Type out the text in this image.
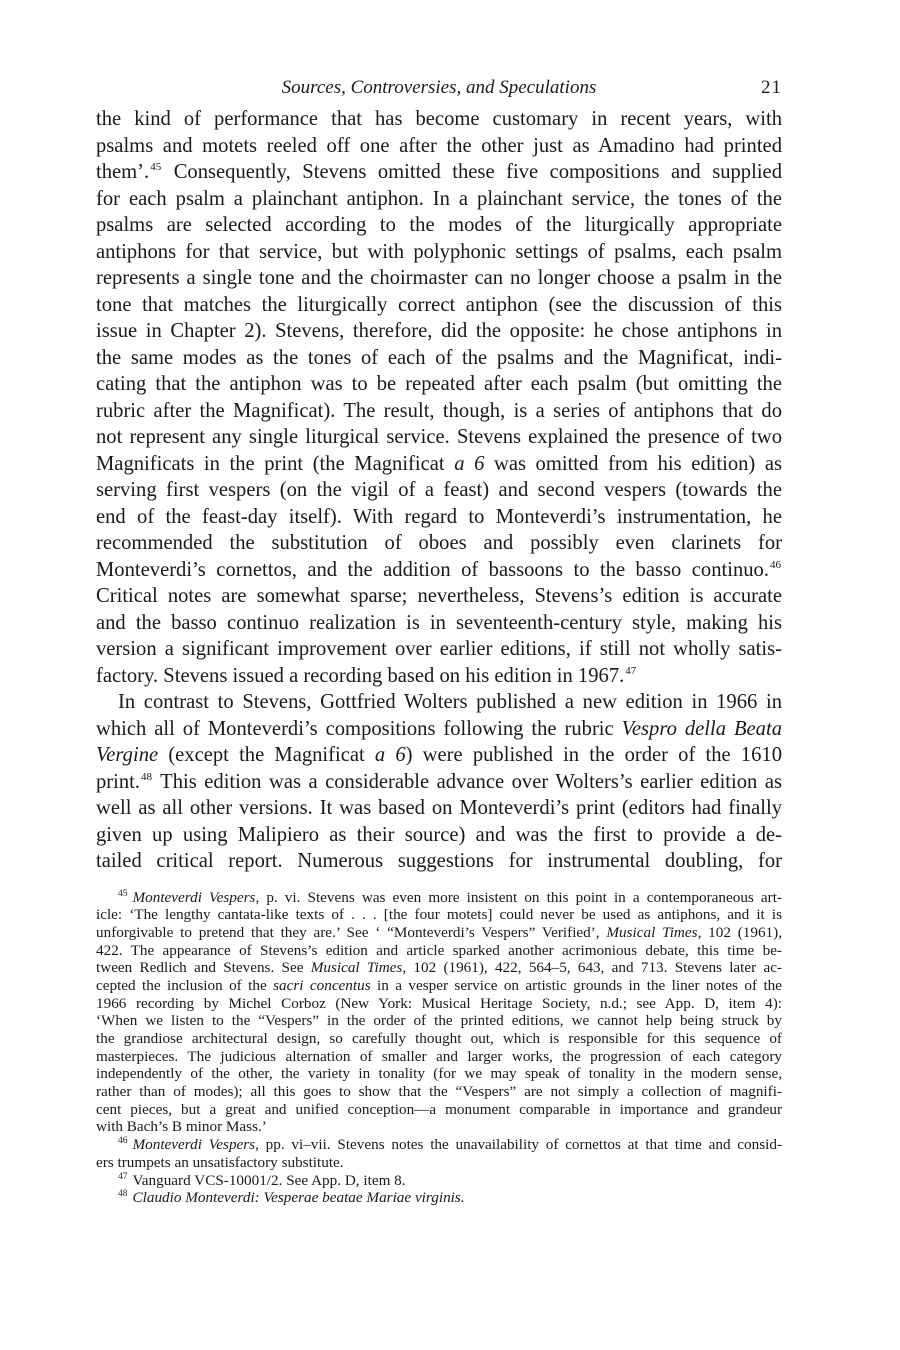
Sources, Controversies, and Speculations	21
the kind of performance that has become customary in recent years, with
psalms and motets reeled off one after the other just as Amadino had printed
them’.$^{45}$ Consequently, Stevens omitted these five compositions and supplied
for each psalm a plainchant antiphon. In a plainchant service, the tones of the
psalms are selected according to the modes of the liturgically appropriate
antiphons for that service, but with polyphonic settings of psalms, each psalm
represents a single tone and the choirmaster can no longer choose a psalm in the
tone that matches the liturgically correct antiphon (see the discussion of this
issue in Chapter 2). Stevens, therefore, did the opposite: he chose antiphons in
the same modes as the tones of each of the psalms and the Magnificat, indi-
cating that the antiphon was to be repeated after each psalm (but omitting the
rubric after the Magnificat). The result, though, is a series of antiphons that do
not represent any single liturgical service. Stevens explained the presence of two
Magnificats in the print (the Magnificat a 6 was omitted from his edition) as
serving first vespers (on the vigil of a feast) and second vespers (towards the
end of the feast-day itself). With regard to Monteverdi’s instrumentation, he
recommended the substitution of oboes and possibly even clarinets for
Monteverdi’s cornettos, and the addition of bassoons to the basso continuo.$^{46}$
Critical notes are somewhat sparse; nevertheless, Stevens’s edition is accurate
and the basso continuo realization is in seventeenth-century style, making his
version a significant improvement over earlier editions, if still not wholly satis-
factory. Stevens issued a recording based on his edition in 1967.47
In contrast to Stevens, Gottfried Wolters published a new edition in 1966 in
which all of Monteverdi’s compositions following the rubric Vespro della Beata
Vergine (except the Magnificat a 6) were published in the order of the 1610
print.$^{48}$ This edition was a considerable advance over Wolters’s earlier edition as
well as all other versions. It was based on Monteverdi’s print (editors had finally
given up using Malipiero as their source) and was the first to provide a de-
tailed critical report. Numerous suggestions for instrumental doubling, for
$^{45}$ Monteverdi Vespers, p. vi. Stevens was even more insistent on this point in a contemporaneous art-
icle: ‘The lengthy cantata-like texts of . . . [the four motets] could never be used as antiphons, and it is
unforgivable to pretend that they are.’ See ‘ “Monteverdi’s Vespers” Verified’, Musical Times, 102 (1961),
422. The appearance of Stevens’s edition and article sparked another acrimonious debate, this time be-
tween Redlich and Stevens. See Musical Times, 102 (1961), 422, 564–5, 643, and 713. Stevens later ac-
cepted the inclusion of the sacri concentus in a vesper service on artistic grounds in the liner notes of the
1966 recording by Michel Corboz (New York: Musical Heritage Society, n.d.; see App. D, item 4):
‘When we listen to the “Vespers” in the order of the printed editions, we cannot help being struck by
the grandiose architectural design, so carefully thought out, which is responsible for this sequence of
masterpieces. The judicious alternation of smaller and larger works, the progression of each category
independently of the other, the variety in tonality (for we may speak of tonality in the modern sense,
rather than of modes); all this goes to show that the “Vespers” are not simply a collection of magnifi-
cent pieces, but a great and unified conception—a monument comparable in importance and grandeur
with Bach’s B minor Mass.’
$^{46}$ Monteverdi Vespers, pp. vi–vii. Stevens notes the unavailability of cornettos at that time and consid-
ers trumpets an unsatisfactory substitute.
$^{47}$ Vanguard VCS-10001/2. See App. D, item 8.
$^{48}$ Claudio Monteverdi: Vesperae beatae Mariae virginis.
